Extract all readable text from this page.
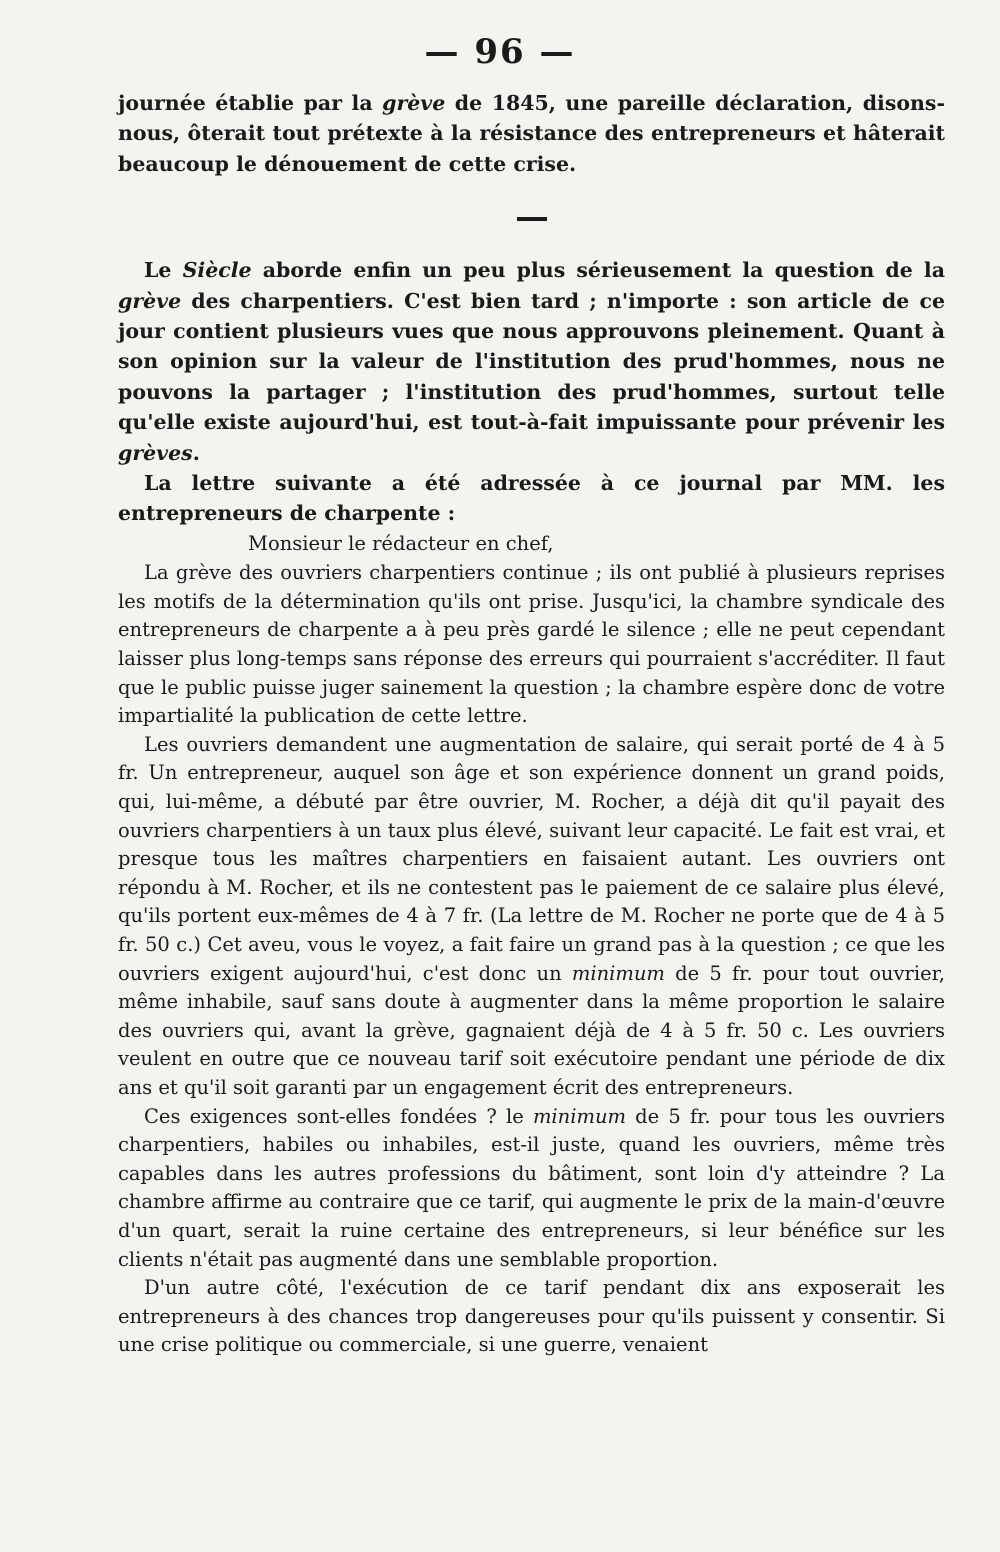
— 96 —

journée établie par la grève de 1845, une pareille déclaration, disons-nous, ôterait tout prétexte à la résistance des entrepreneurs et hâterait beaucoup le dénouement de cette crise.

Le Siècle aborde enfin un peu plus sérieusement la question de la grève des charpentiers. C'est bien tard ; n'importe : son article de ce jour contient plusieurs vues que nous approuvons pleinement. Quant à son opinion sur la valeur de l'institution des prud'hommes, nous ne pouvons la partager ; l'institution des prud'hommes, surtout telle qu'elle existe aujourd'hui, est tout-à-fait impuissante pour prévenir les grèves.

La lettre suivante a été adressée à ce journal par MM. les entrepreneurs de charpente :

Monsieur le rédacteur en chef,

La grève des ouvriers charpentiers continue ; ils ont publié à plusieurs reprises les motifs de la détermination qu'ils ont prise. Jusqu'ici, la chambre syndicale des entrepreneurs de charpente a à peu près gardé le silence ; elle ne peut cependant laisser plus long-temps sans réponse des erreurs qui pourraient s'accréditer. Il faut que le public puisse juger sainement la question ; la chambre espère donc de votre impartialité la publication de cette lettre.

Les ouvriers demandent une augmentation de salaire, qui serait porté de 4 à 5 fr. Un entrepreneur, auquel son âge et son expérience donnent un grand poids, qui, lui-même, a débuté par être ouvrier, M. Rocher, a déjà dit qu'il payait des ouvriers charpentiers à un taux plus élevé, suivant leur capacité. Le fait est vrai, et presque tous les maîtres charpentiers en faisaient autant. Les ouvriers ont répondu à M. Rocher, et ils ne contestent pas le paiement de ce salaire plus élevé, qu'ils portent eux-mêmes de 4 à 7 fr. (La lettre de M. Rocher ne porte que de 4 à 5 fr. 50 c.) Cet aveu, vous le voyez, a fait faire un grand pas à la question ; ce que les ouvriers exigent aujourd'hui, c'est donc un minimum de 5 fr. pour tout ouvrier, même inhabile, sauf sans doute à augmenter dans la même proportion le salaire des ouvriers qui, avant la grève, gagnaient déjà de 4 à 5 fr. 50 c. Les ouvriers veulent en outre que ce nouveau tarif soit exécutoire pendant une période de dix ans et qu'il soit garanti par un engagement écrit des entrepreneurs.

Ces exigences sont-elles fondées ? le minimum de 5 fr. pour tous les ouvriers charpentiers, habiles ou inhabiles, est-il juste, quand les ouvriers, même très capables dans les autres professions du bâtiment, sont loin d'y atteindre ? La chambre affirme au contraire que ce tarif, qui augmente le prix de la main-d'œuvre d'un quart, serait la ruine certaine des entrepreneurs, si leur bénéfice sur les clients n'était pas augmenté dans une semblable proportion.

D'un autre côté, l'exécution de ce tarif pendant dix ans exposerait les entrepreneurs à des chances trop dangereuses pour qu'ils puissent y consentir. Si une crise politique ou commerciale, si une guerre, venaient
